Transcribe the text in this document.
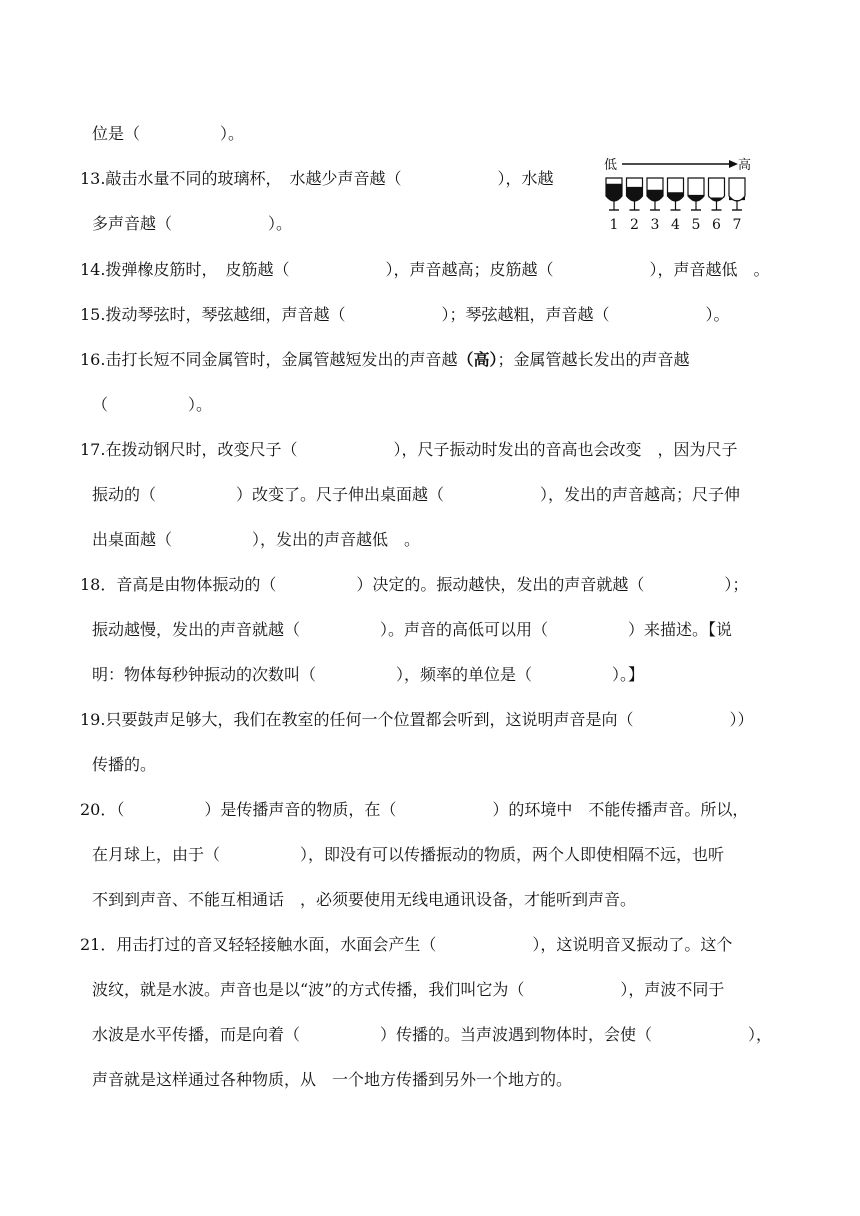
位是（　　　　　）。
13.敲击水量不同的玻璃杯，　水越少声音越（　　　　　　），水越
低	高
1 2 3 4 5 6 7
多声音越（　　　　　　）。
14.拨弹橡皮筋时，　皮筋越（　　　　　　），声音越高；皮筋越（　　　　　　），声音越低　。
15.拨动琴弦时，琴弦越细，声音越（　　　　　　）；琴弦越粗，声音越（　　　　　　）。
16.击打长短不同金属管时，金属管越短发出的声音越（高）；金属管越长发出的声音越
（　　　　　）。
17.在拨动钢尺时，改变尺子（　　　　　　），尺子振动时发出的音高也会改变　，因为尺子
振动的（　　　　　）改变了。尺子伸出桌面越（　　　　　　），发出的声音越高；尺子伸
出桌面越（　　　　　），发出的声音越低　。
18．音高是由物体振动的（　　　　　）决定的。振动越快，发出的声音就越（　　　　　）；
振动越慢，发出的声音就越（　　　　　）。声音的高低可以用（　　　　　）来描述。【说
明：物体每秒钟振动的次数叫（　　　　　），频率的单位是（　　　　　）。】
19.只要鼓声足够大，我们在教室的任何一个位置都会听到，这说明声音是向（　　　　　　））
传播的。
20．（　　　　　）是传播声音的物质，在（　　　　　　）的环境中　不能传播声音。所以，
在月球上，由于（　　　　　），即没有可以传播振动的物质，两个人即使相隔不远，也听
不到到声音、不能互相通话　，必须要使用无线电通讯设备，才能听到声音。
21．用击打过的音叉轻轻接触水面，水面会产生（　　　　　　），这说明音叉振动了。这个
波纹，就是水波。声音也是以“波”的方式传播，我们叫它为（　　　　　　），声波不同于
水波是水平传播，而是向着（　　　　　）传播的。当声波遇到物体时，会使（　　　　　　），
声音就是这样通过各种物质，从　一个地方传播到另外一个地方的。
